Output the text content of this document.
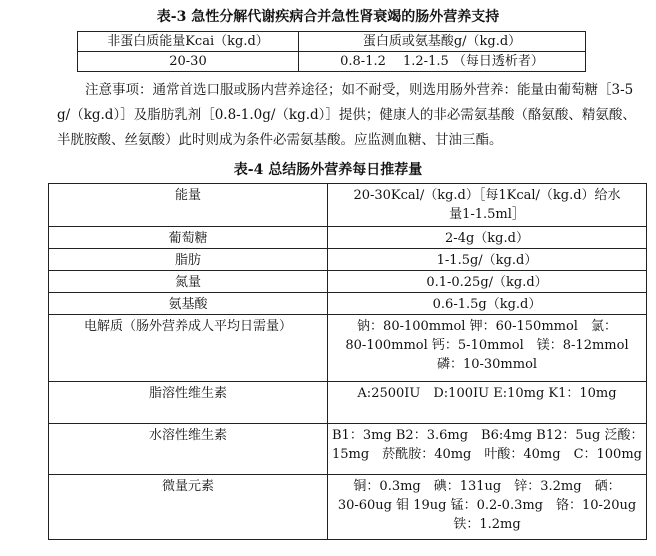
表-3 急性分解代谢疾病合并急性肾衰竭的肠外营养支持
非蛋白质能量Kcai（kg.d）	蛋白质或氨基酸g/（kg.d）
20-30	0.8-1.2　 1.2-1.5 （每日透析者）

注意事项：通常首选口服或肠内营养途径；如不耐受，则选用肠外营养：能量由葡萄糖［3-5g/（kg.d）］及脂肪乳剂［0.8-1.0g/（kg.d）］提供；健康人的非必需氨基酸（酪氨酸、精氨酸、半胱胺酸、丝氨酸）此时则成为条件必需氨基酸。应监测血糖、甘油三酯。

表-4 总结肠外营养每日推荐量
能量	20-30Kcal/（kg.d）［每1Kcal/（kg.d）给水
量1-1.5ml］

葡萄糖	2-4g（kg.d）

脂肪	1-1.5g/（kg.d）

氮量	0.1-0.25g/（kg.d）

氨基酸	0.6-1.5g（kg.d）

电解质（肠外营养成人平均日需量）	钠：80-100mmol 钾：60-150mmol　氯：
80-100mmol 钙：5-10mmol　镁：8-12mmol
磷：10-30mmol

脂溶性维生素	A:2500IU　D:100IU E:10mg K1：10mg

水溶性维生素	B1：3mg B2：3.6mg　B6:4mg B12：5ug 泛酸：
15mg　菸酰胺：40mg　叶酸：40mg　C：100mg

微量元素	铜：0.3mg　碘：131ug　锌：3.2mg　硒：
30-60ug 钼 19ug 锰：0.2-0.3mg　铬：10-20ug
铁：1.2mg
